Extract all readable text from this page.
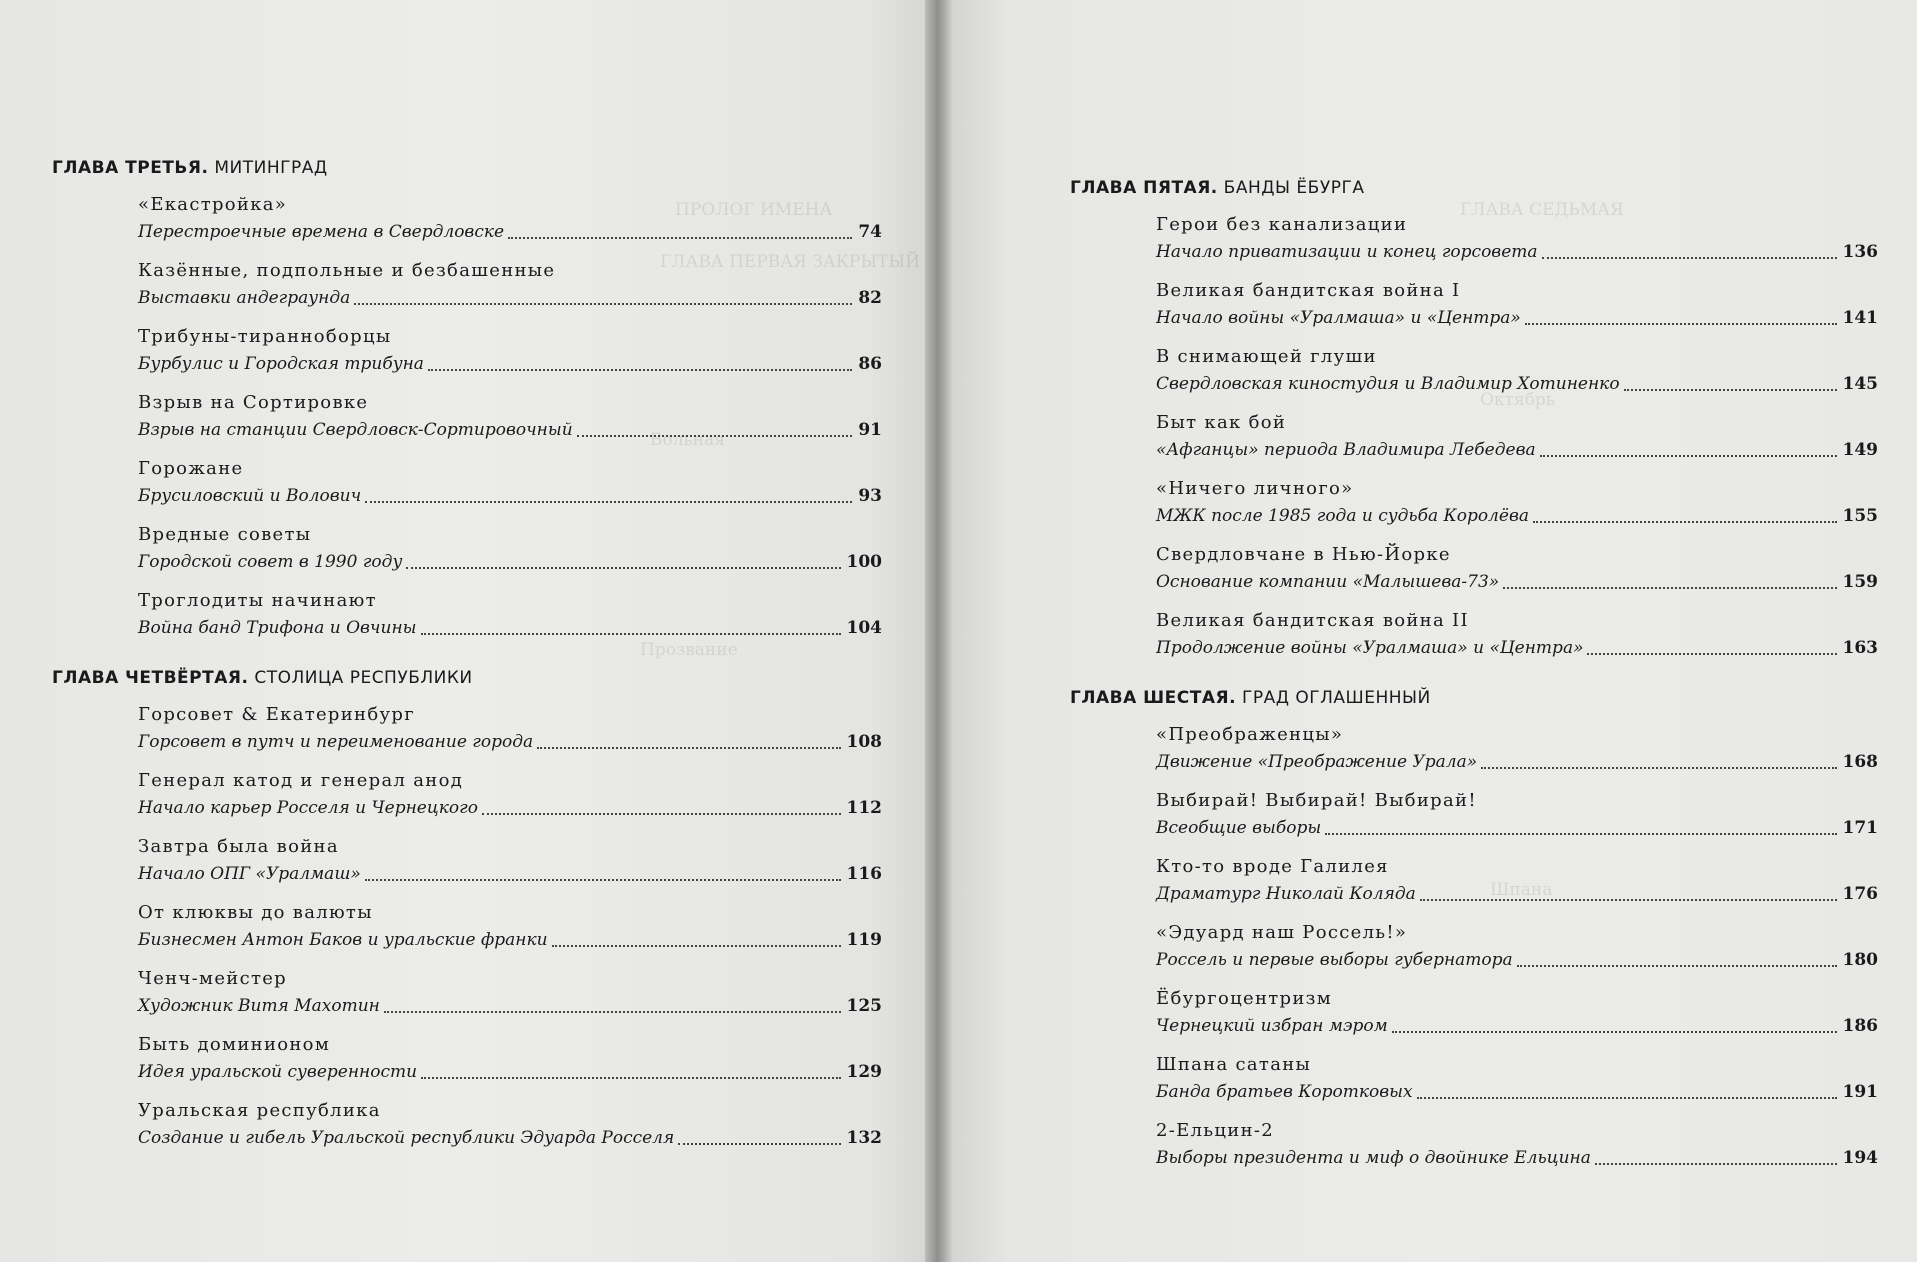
ПРОЛОГ ИМЕНА
ГЛАВА ПЕРВАЯ ЗАКРЫТЫЙ
Вольная
Прозвание
ГЛАВА СЕДЬМАЯ
Октябрь
Шпана
ГЛАВА ТРЕТЬЯ. МИТИНГРАД
«Екастройка»
Перестроечные времена в Свердловске	74
Казённые, подпольные и безбашенные
Выставки андеграунда	82
Трибуны-тиранноборцы
Бурбулис и Городская трибуна	86
Взрыв на Сортировке
Взрыв на станции Свердловск-Сортировочный	91
Горожане
Брусиловский и Волович	93
Вредные советы
Городской совет в 1990 году	100
Троглодиты начинают
Война банд Трифона и Овчины	104
ГЛАВА ЧЕТВЁРТАЯ. СТОЛИЦА РЕСПУБЛИКИ
Горсовет & Екатеринбург
Горсовет в путч и переименование города	108
Генерал катод и генерал анод
Начало карьер Росселя и Чернецкого	112
Завтра была война
Начало ОПГ «Уралмаш»	116
От клюквы до валюты
Бизнесмен Антон Баков и уральские франки	119
Ченч-мейстер
Художник Витя Махотин	125
Быть доминионом
Идея уральской суверенности	129
Уральская республика
Создание и гибель Уральской республики Эдуарда Росселя	132
ГЛАВА ПЯТАЯ. БАНДЫ ЁБУРГА
Герои без канализации
Начало приватизации и конец горсовета	136
Великая бандитская война I
Начало войны «Уралмаша» и «Центра»	141
В снимающей глуши
Свердловская киностудия и Владимир Хотиненко	145
Быт как бой
«Афганцы» периода Владимира Лебедева	149
«Ничего личного»
МЖК после 1985 года и судьба Королёва	155
Свердловчане в Нью-Йорке
Основание компании «Малышева-73»	159
Великая бандитская война II
Продолжение войны «Уралмаша» и «Центра»	163
ГЛАВА ШЕСТАЯ. ГРАД ОГЛАШЕННЫЙ
«Преображенцы»
Движение «Преображение Урала»	168
Выбирай! Выбирай! Выбирай!
Всеобщие выборы	171
Кто-то вроде Галилея
Драматург Николай Коляда	176
«Эдуард наш Россель!»
Россель и первые выборы губернатора	180
Ёбургоцентризм
Чернецкий избран мэром	186
Шпана сатаны
Банда братьев Коротковых	191
2-Ельцин-2
Выборы президента и миф о двойнике Ельцина	194
